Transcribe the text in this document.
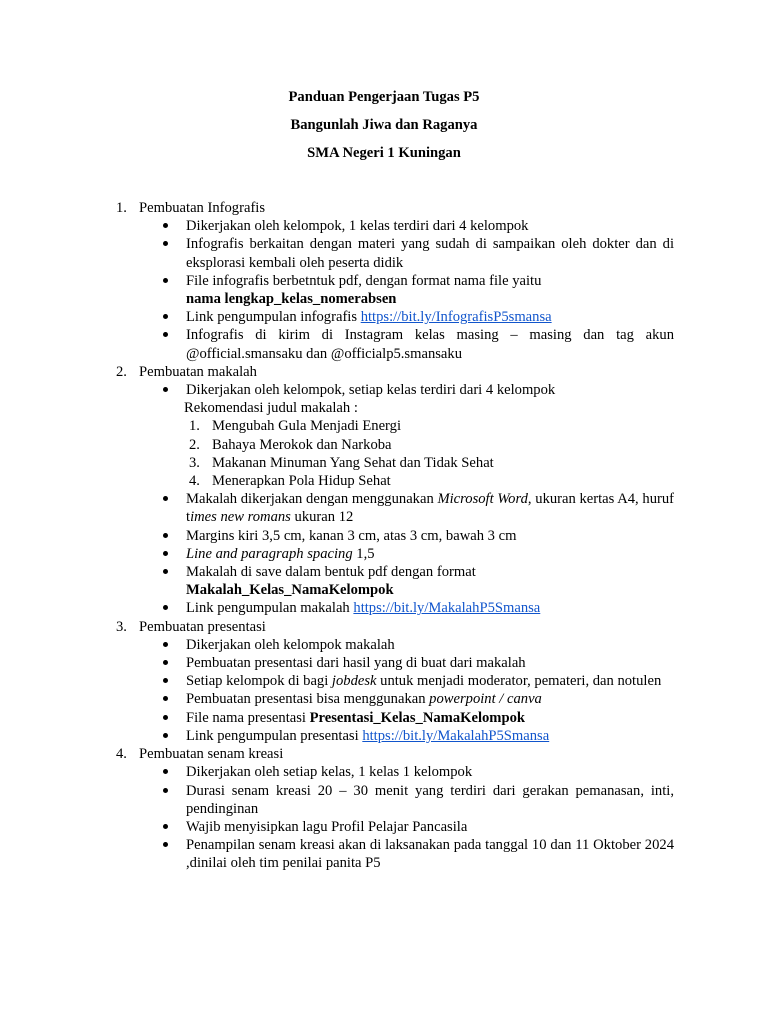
Panduan Pengerjaan Tugas P5
Bangunlah Jiwa dan Raganya
SMA Negeri 1 Kuningan
1. Pembuatan Infografis
Dikerjakan oleh kelompok, 1 kelas terdiri dari 4 kelompok
Infografis berkaitan dengan materi yang sudah di sampaikan oleh dokter dan di eksplorasi kembali oleh peserta didik
File infografis berbetntuk pdf, dengan format nama file yaitu
nama lengkap_kelas_nomerabsen
Link pengumpulan infografis https://bit.ly/InfografisP5smansa
Infografis di kirim di Instagram kelas masing – masing dan tag akun @official.smansaku dan @officialp5.smansaku
2. Pembuatan makalah
Dikerjakan oleh kelompok, setiap kelas terdiri dari 4 kelompok
Rekomendasi judul makalah :
1. Mengubah Gula Menjadi Energi
2. Bahaya Merokok dan Narkoba
3. Makanan Minuman Yang Sehat dan Tidak Sehat
4. Menerapkan Pola Hidup Sehat
Makalah dikerjakan dengan menggunakan Microsoft Word, ukuran kertas A4, huruf times new romans ukuran 12
Margins kiri 3,5 cm, kanan 3 cm, atas 3 cm, bawah 3 cm
Line and paragraph spacing 1,5
Makalah di save dalam bentuk pdf dengan format
Makalah_Kelas_NamaKelompok
Link pengumpulan makalah https://bit.ly/MakalahP5Smansa
3. Pembuatan presentasi
Dikerjakan oleh kelompok makalah
Pembuatan presentasi dari hasil yang di buat dari makalah
Setiap kelompok di bagi jobdesk untuk menjadi moderator, pemateri, dan notulen
Pembuatan presentasi bisa menggunakan powerpoint / canva
File nama presentasi Presentasi_Kelas_NamaKelompok
Link pengumpulan presentasi https://bit.ly/MakalahP5Smansa
4. Pembuatan senam kreasi
Dikerjakan oleh setiap kelas, 1 kelas 1 kelompok
Durasi senam kreasi 20 – 30 menit yang terdiri dari gerakan pemanasan, inti, pendinginan
Wajib menyisipkan lagu Profil Pelajar Pancasila
Penampilan senam kreasi akan di laksanakan pada tanggal 10 dan 11 Oktober 2024 ,dinilai oleh tim penilai panita P5
